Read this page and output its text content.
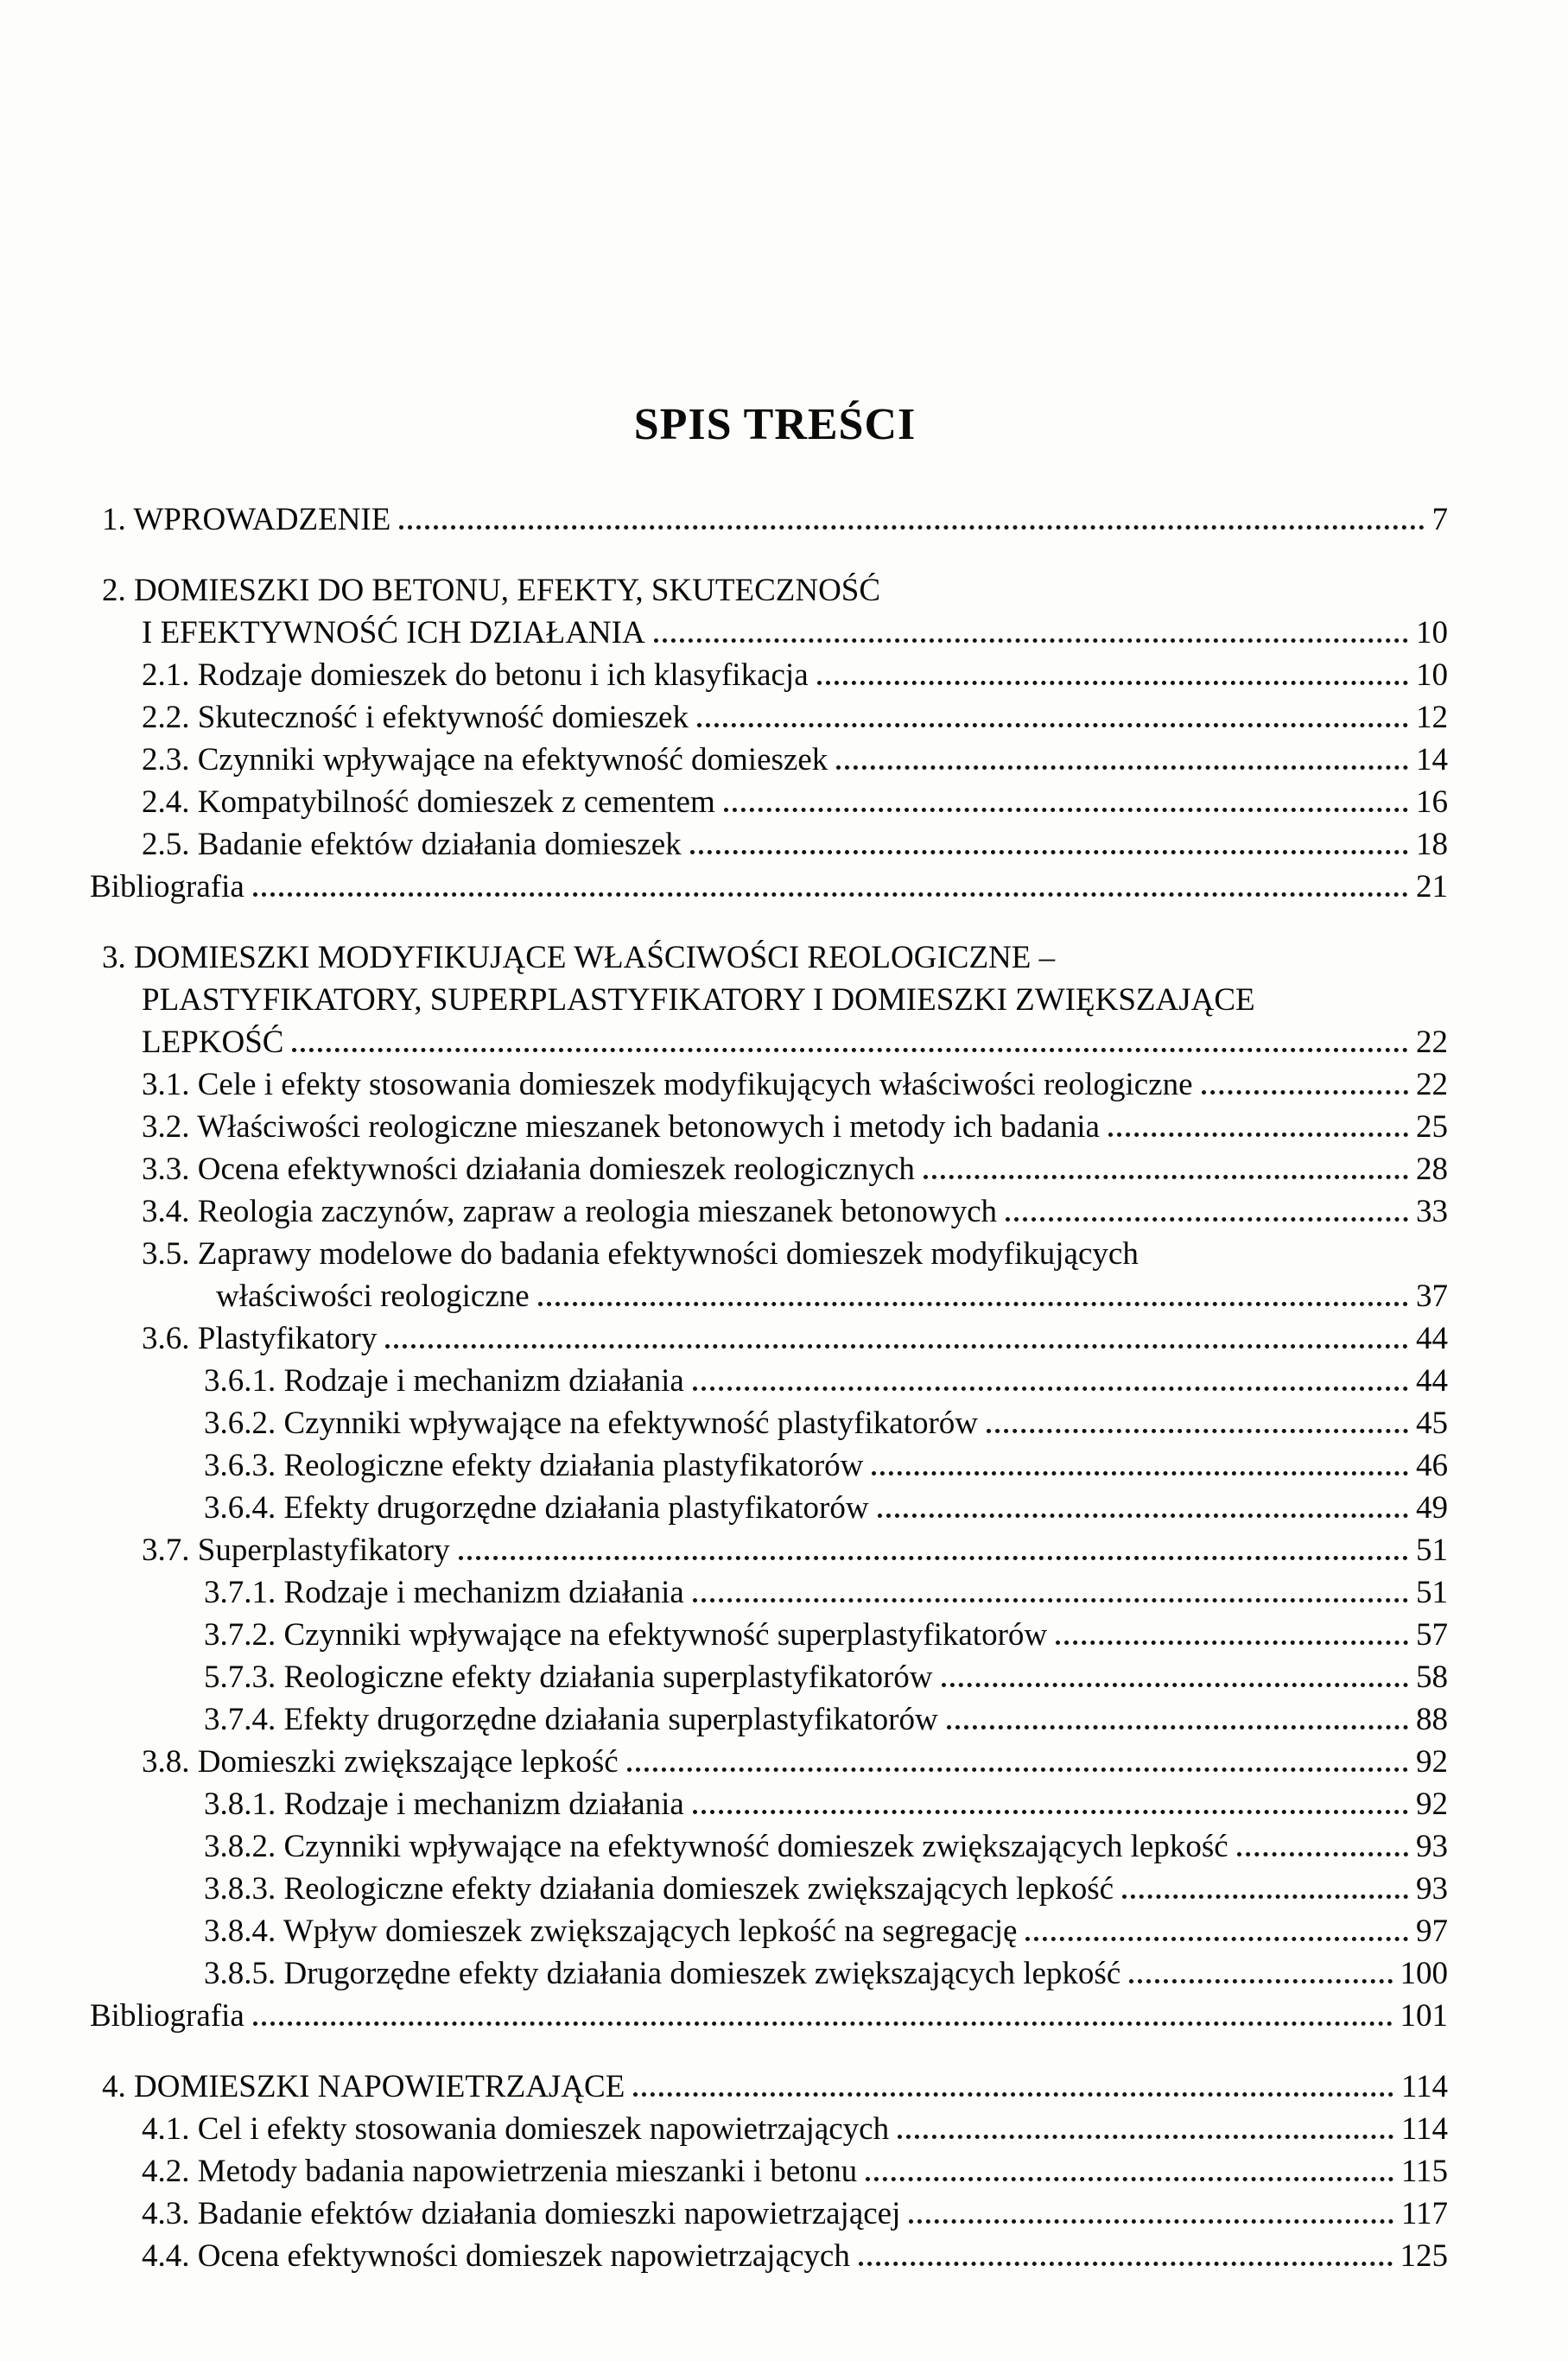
SPIS TREŚCI
1. WPROWADZENIE	7
2. DOMIESZKI DO BETONU, EFEKTY, SKUTECZNOŚĆ
I EFEKTYWNOŚĆ ICH DZIAŁANIA	10
2.1. Rodzaje domieszek do betonu i ich klasyfikacja	10
2.2. Skuteczność i efektywność domieszek	12
2.3. Czynniki wpływające na efektywność domieszek	14
2.4. Kompatybilność domieszek z cementem	16
2.5. Badanie efektów działania domieszek	18
Bibliografia	21
3. DOMIESZKI MODYFIKUJĄCE WŁAŚCIWOŚCI REOLOGICZNE –
PLASTYFIKATORY, SUPERPLASTYFIKATORY I DOMIESZKI ZWIĘKSZAJĄCE
LEPKOŚĆ	22
3.1. Cele i efekty stosowania domieszek modyfikujących właściwości reologiczne	22
3.2. Właściwości reologiczne mieszanek betonowych i metody ich badania	25
3.3. Ocena efektywności działania domieszek reologicznych	28
3.4. Reologia zaczynów, zapraw a reologia mieszanek betonowych	33
3.5. Zaprawy modelowe do badania efektywności domieszek modyfikujących
właściwości reologiczne	37
3.6. Plastyfikatory	44
3.6.1. Rodzaje i mechanizm działania	44
3.6.2. Czynniki wpływające na efektywność plastyfikatorów	45
3.6.3. Reologiczne efekty działania plastyfikatorów	46
3.6.4. Efekty drugorzędne działania plastyfikatorów	49
3.7. Superplastyfikatory	51
3.7.1. Rodzaje i mechanizm działania	51
3.7.2. Czynniki wpływające na efektywność superplastyfikatorów	57
5.7.3. Reologiczne efekty działania superplastyfikatorów	58
3.7.4. Efekty drugorzędne działania superplastyfikatorów	88
3.8. Domieszki zwiększające lepkość	92
3.8.1. Rodzaje i mechanizm działania	92
3.8.2. Czynniki wpływające na efektywność domieszek zwiększających lepkość	93
3.8.3. Reologiczne efekty działania domieszek zwiększających lepkość	93
3.8.4. Wpływ domieszek zwiększających lepkość na segregację	97
3.8.5. Drugorzędne efekty działania domieszek zwiększających lepkość	100
Bibliografia	101
4. DOMIESZKI NAPOWIETRZAJĄCE	114
4.1. Cel i efekty stosowania domieszek napowietrzających	114
4.2. Metody badania napowietrzenia mieszanki i betonu	115
4.3. Badanie efektów działania domieszki napowietrzającej	117
4.4. Ocena efektywności domieszek napowietrzających	125
